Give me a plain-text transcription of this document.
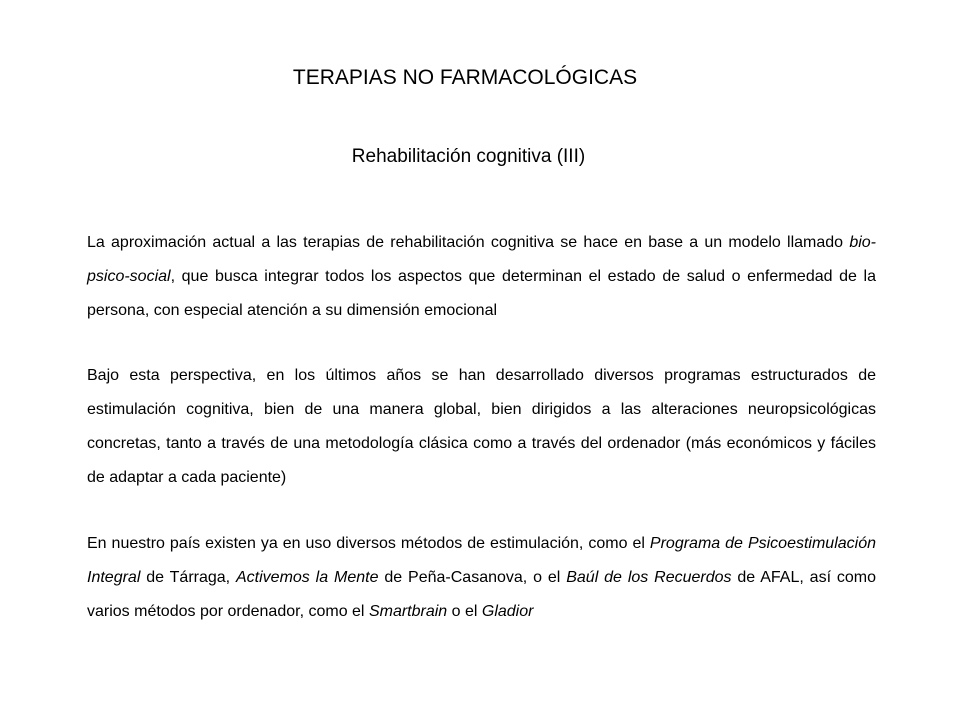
TERAPIAS NO FARMACOLÓGICAS
Rehabilitación cognitiva (III)

La aproximación actual a las terapias de rehabilitación cognitiva se hace en base a un modelo llamado bio-psico-social, que busca integrar todos los aspectos que determinan el estado de salud o enfermedad de la persona, con especial atención a su dimensión emocional

Bajo esta perspectiva, en los últimos años se han desarrollado diversos programas estructurados de estimulación cognitiva, bien de una manera global, bien dirigidos a las alteraciones neuropsicológicas concretas, tanto a través de una metodología clásica como a través del ordenador (más económicos y fáciles de adaptar a cada paciente)

En nuestro país existen ya en uso diversos métodos de estimulación, como el Programa de Psicoestimulación Integral de Tárraga, Activemos la Mente de Peña-Casanova, o el Baúl de los Recuerdos de AFAL, así como varios métodos por ordenador, como el Smartbrain o el Gladior
